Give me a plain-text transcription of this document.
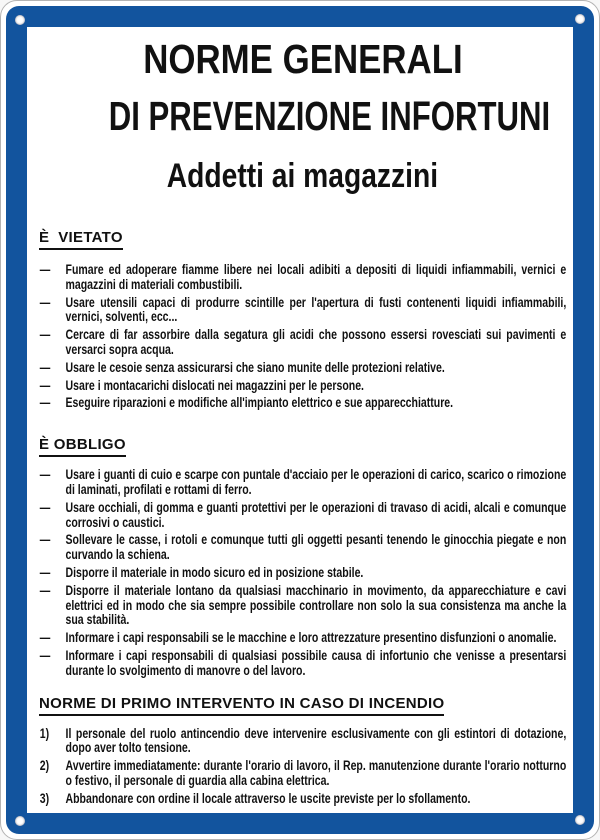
NORME GENERALI
DI PREVENZIONE INFORTUNI
Addetti ai magazzini
È  VIETATO
— Fumare ed adoperare fiamme libere nei locali adibiti a depositi di liquidi infiammabili, vernici e magazzini di materiali combustibili.
— Usare utensili capaci di produrre scintille per l'apertura di fusti contenenti liquidi infiammabili, vernici, solventi, ecc...
— Cercare di far assorbire dalla segatura gli acidi che possono essersi rovesciati sui pavimenti e versarci sopra acqua.
— Usare le cesoie senza assicurarsi che siano munite delle protezioni relative.
— Usare i montacarichi dislocati nei magazzini per le persone.
— Eseguire riparazioni e modifiche all'impianto elettrico e sue apparecchiatture.
È OBBLIGO
— Usare i guanti di cuio e scarpe con puntale d'acciaio per le operazioni di carico, scarico o rimozione di laminati, profilati e rottami di ferro.
— Usare occhiali, di gomma e guanti protettivi per le operazioni di travaso di acidi, alcali e comunque corrosivi o caustici.
— Sollevare le casse, i rotoli e comunque tutti gli oggetti pesanti tenendo le ginocchia piegate e non curvando la schiena.
— Disporre il materiale in modo sicuro ed in posizione stabile.
— Disporre il materiale lontano da qualsiasi macchinario in movimento, da apparecchiature e cavi elettrici ed in modo che sia sempre possibile controllare non solo la sua consistenza ma anche la sua stabilità.
— Informare i capi responsabili se le macchine e loro attrezzature presentino disfunzioni o anomalie.
— Informare i capi responsabili di qualsiasi possibile causa di infortunio che venisse a presentarsi durante lo svolgimento di manovre o del lavoro.
NORME DI PRIMO INTERVENTO IN CASO DI INCENDIO
1) Il personale del ruolo antincendio deve intervenire esclusivamente con gli estintori di dotazione, dopo aver tolto tensione.
2) Avvertire immediatamente: durante l'orario di lavoro, il Rep. manutenzione durante l'orario notturno o festivo, il personale di guardia alla cabina elettrica.
3) Abbandonare con ordine il locale attraverso le uscite previste per lo sfollamento.
